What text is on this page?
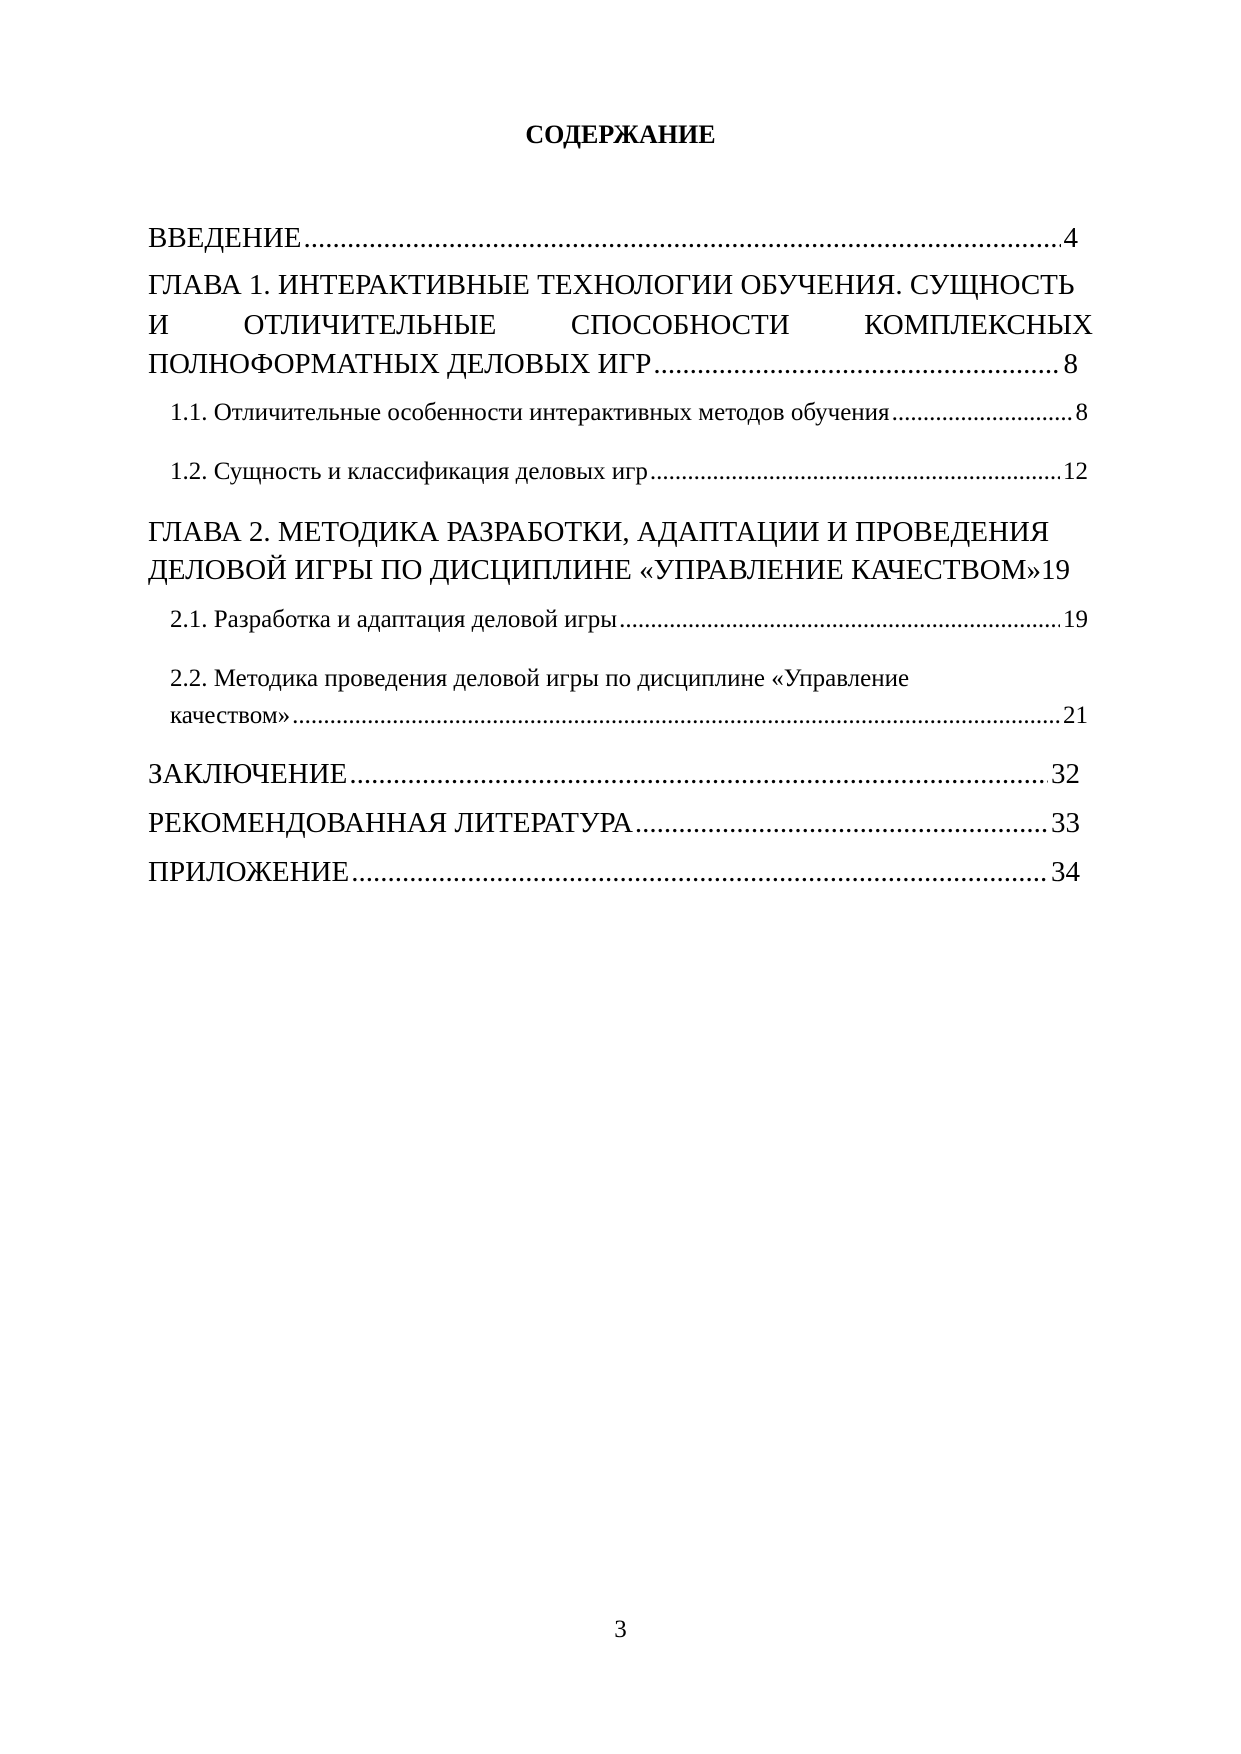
СОДЕРЖАНИЕ
ВВЕДЕНИЕ .....	4
ГЛАВА 1. ИНТЕРАКТИВНЫЕ ТЕХНОЛОГИИ ОБУЧЕНИЯ. СУЩНОСТЬ
И	ОТЛИЧИТЕЛЬНЫЕ	СПОСОБНОСТИ	КОМПЛЕКСНЫХ
ПОЛНОФОРМАТНЫХ ДЕЛОВЫХ ИГР .....	8
1.1. Отличительные особенности интерактивных методов обучения .....	8
1.2. Сущность и классификация деловых игр .....	12
ГЛАВА 2. МЕТОДИКА РАЗРАБОТКИ, АДАПТАЦИИ И ПРОВЕДЕНИЯ
ДЕЛОВОЙ ИГРЫ ПО ДИСЦИПЛИНЕ «УПРАВЛЕНИЕ КАЧЕСТВОМ»19
2.1. Разработка и адаптация деловой игры .....	19
2.2. Методика проведения деловой игры по дисциплине «Управление
качеством» .....	21
ЗАКЛЮЧЕНИЕ .....	32
РЕКОМЕНДОВАННАЯ ЛИТЕРАТУРА .....	33
ПРИЛОЖЕНИЕ .....	34
3
